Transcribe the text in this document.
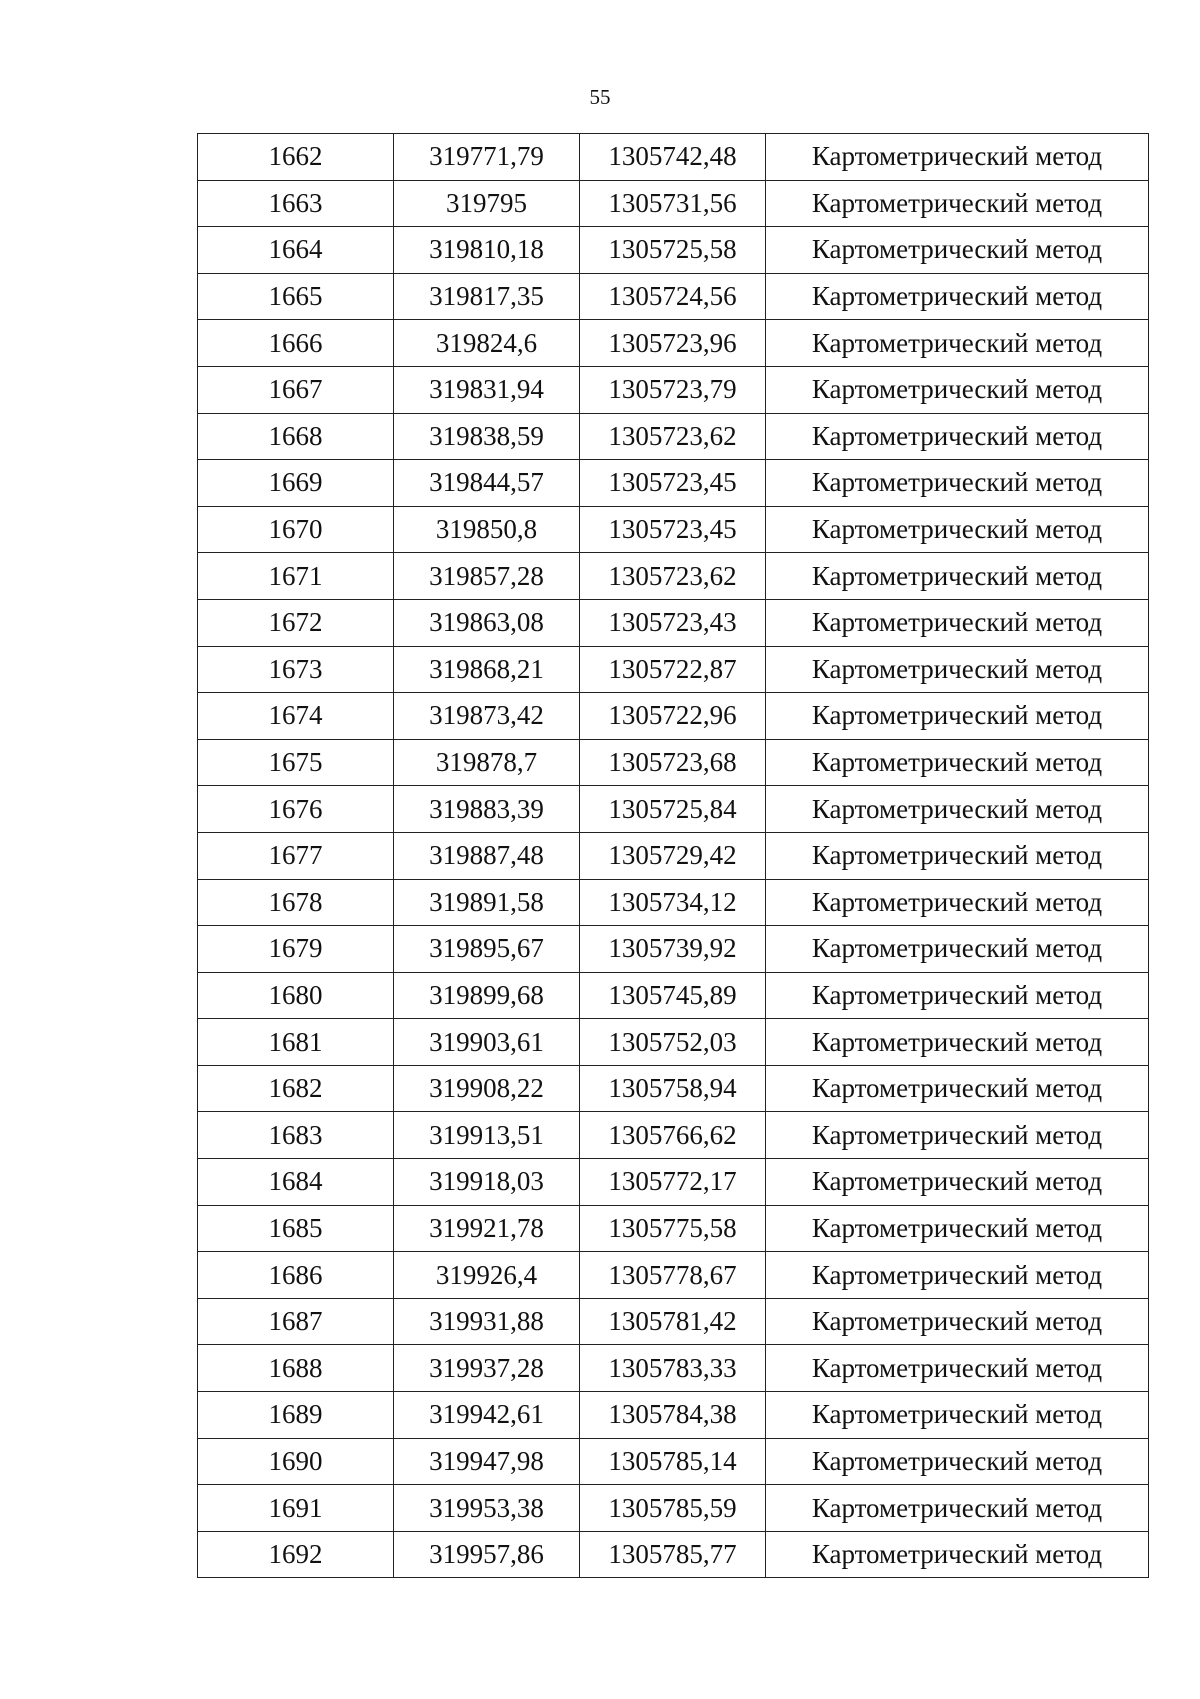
55
1662	319771,79	1305742,48	Картометрический метод
1663	319795	1305731,56	Картометрический метод
1664	319810,18	1305725,58	Картометрический метод
1665	319817,35	1305724,56	Картометрический метод
1666	319824,6	1305723,96	Картометрический метод
1667	319831,94	1305723,79	Картометрический метод
1668	319838,59	1305723,62	Картометрический метод
1669	319844,57	1305723,45	Картометрический метод
1670	319850,8	1305723,45	Картометрический метод
1671	319857,28	1305723,62	Картометрический метод
1672	319863,08	1305723,43	Картометрический метод
1673	319868,21	1305722,87	Картометрический метод
1674	319873,42	1305722,96	Картометрический метод
1675	319878,7	1305723,68	Картометрический метод
1676	319883,39	1305725,84	Картометрический метод
1677	319887,48	1305729,42	Картометрический метод
1678	319891,58	1305734,12	Картометрический метод
1679	319895,67	1305739,92	Картометрический метод
1680	319899,68	1305745,89	Картометрический метод
1681	319903,61	1305752,03	Картометрический метод
1682	319908,22	1305758,94	Картометрический метод
1683	319913,51	1305766,62	Картометрический метод
1684	319918,03	1305772,17	Картометрический метод
1685	319921,78	1305775,58	Картометрический метод
1686	319926,4	1305778,67	Картометрический метод
1687	319931,88	1305781,42	Картометрический метод
1688	319937,28	1305783,33	Картометрический метод
1689	319942,61	1305784,38	Картометрический метод
1690	319947,98	1305785,14	Картометрический метод
1691	319953,38	1305785,59	Картометрический метод
1692	319957,86	1305785,77	Картометрический метод
